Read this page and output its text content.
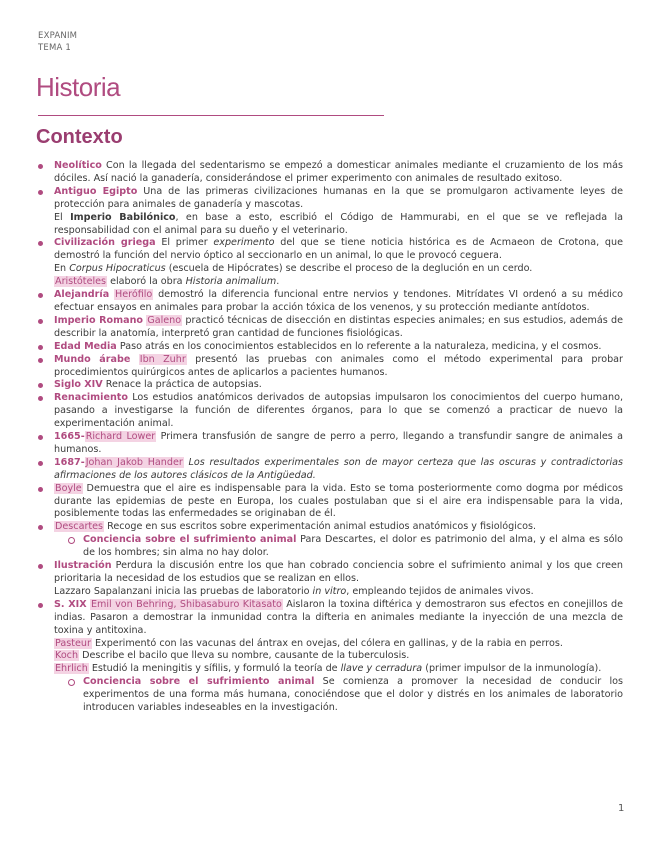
EXPANIM
TEMA 1
Historia
Contexto
Neolítico Con la llegada del sedentarismo se empezó a domesticar animales mediante el cruzamiento de los más dóciles. Así nació la ganadería, considerándose el primer experimento con animales de resultado exitoso.
Antiguo Egipto Una de las primeras civilizaciones humanas en la que se promulgaron activamente leyes de protección para animales de ganadería y mascotas.
El Imperio Babilónico, en base a esto, escribió el Código de Hammurabi, en el que se ve reflejada la responsabilidad con el animal para su dueño y el veterinario.
Civilización griega El primer experimento del que se tiene noticia histórica es de Acmaeon de Crotona, que demostró la función del nervio óptico al seccionarlo en un animal, lo que le provocó ceguera.
En Corpus Hipocraticus (escuela de Hipócrates) se describe el proceso de la deglución en un cerdo.
Aristóteles elaboró la obra Historia animalium.
Alejandría Herófilo demostró la diferencia funcional entre nervios y tendones. Mitrídates VI ordenó a su médico efectuar ensayos en animales para probar la acción tóxica de los venenos, y su protección mediante antídotos.
Imperio Romano Galeno practicó técnicas de disección en distintas especies animales; en sus estudios, además de describir la anatomía, interpretó gran cantidad de funciones fisiológicas.
Edad Media Paso atrás en los conocimientos establecidos en lo referente a la naturaleza, medicina, y el cosmos.
Mundo árabe Ibn Zuhr presentó las pruebas con animales como el método experimental para probar procedimientos quirúrgicos antes de aplicarlos a pacientes humanos.
Siglo XIV Renace la práctica de autopsias.
Renacimiento Los estudios anatómicos derivados de autopsias impulsaron los conocimientos del cuerpo humano, pasando a investigarse la función de diferentes órganos, para lo que se comenzó a practicar de nuevo la experimentación animal.
1665-Richard Lower Primera transfusión de sangre de perro a perro, llegando a transfundir sangre de animales a humanos.
1687-Johan Jakob Hander Los resultados experimentales son de mayor certeza que las oscuras y contradictorias afirmaciones de los autores clásicos de la Antigüedad.
Boyle Demuestra que el aire es indispensable para la vida. Esto se toma posteriormente como dogma por médicos durante las epidemias de peste en Europa, los cuales postulaban que si el aire era indispensable para la vida, posiblemente todas las enfermedades se originaban de él.
Descartes Recoge en sus escritos sobre experimentación animal estudios anatómicos y fisiológicos.
Conciencia sobre el sufrimiento animal Para Descartes, el dolor es patrimonio del alma, y el alma es sólo de los hombres; sin alma no hay dolor.
Ilustración Perdura la discusión entre los que han cobrado conciencia sobre el sufrimiento animal y los que creen prioritaria la necesidad de los estudios que se realizan en ellos.
Lazzaro Sapalanzani inicia las pruebas de laboratorio in vitro, empleando tejidos de animales vivos.
S. XIX Emil von Behring, Shibasaburo Kitasato Aislaron la toxina diftérica y demostraron sus efectos en conejillos de indias. Pasaron a demostrar la inmunidad contra la difteria en animales mediante la inyección de una mezcla de toxina y antitoxina.
Pasteur Experimentó con las vacunas del ántrax en ovejas, del cólera en gallinas, y de la rabia en perros.
Koch Describe el bacilo que lleva su nombre, causante de la tuberculosis.
Ehrlich Estudió la meningitis y sífilis, y formuló la teoría de llave y cerradura (primer impulsor de la inmunología).
Conciencia sobre el sufrimiento animal Se comienza a promover la necesidad de conducir los experimentos de una forma más humana, conociéndose que el dolor y distrés en los animales de laboratorio introducen variables indeseables en la investigación.
1
